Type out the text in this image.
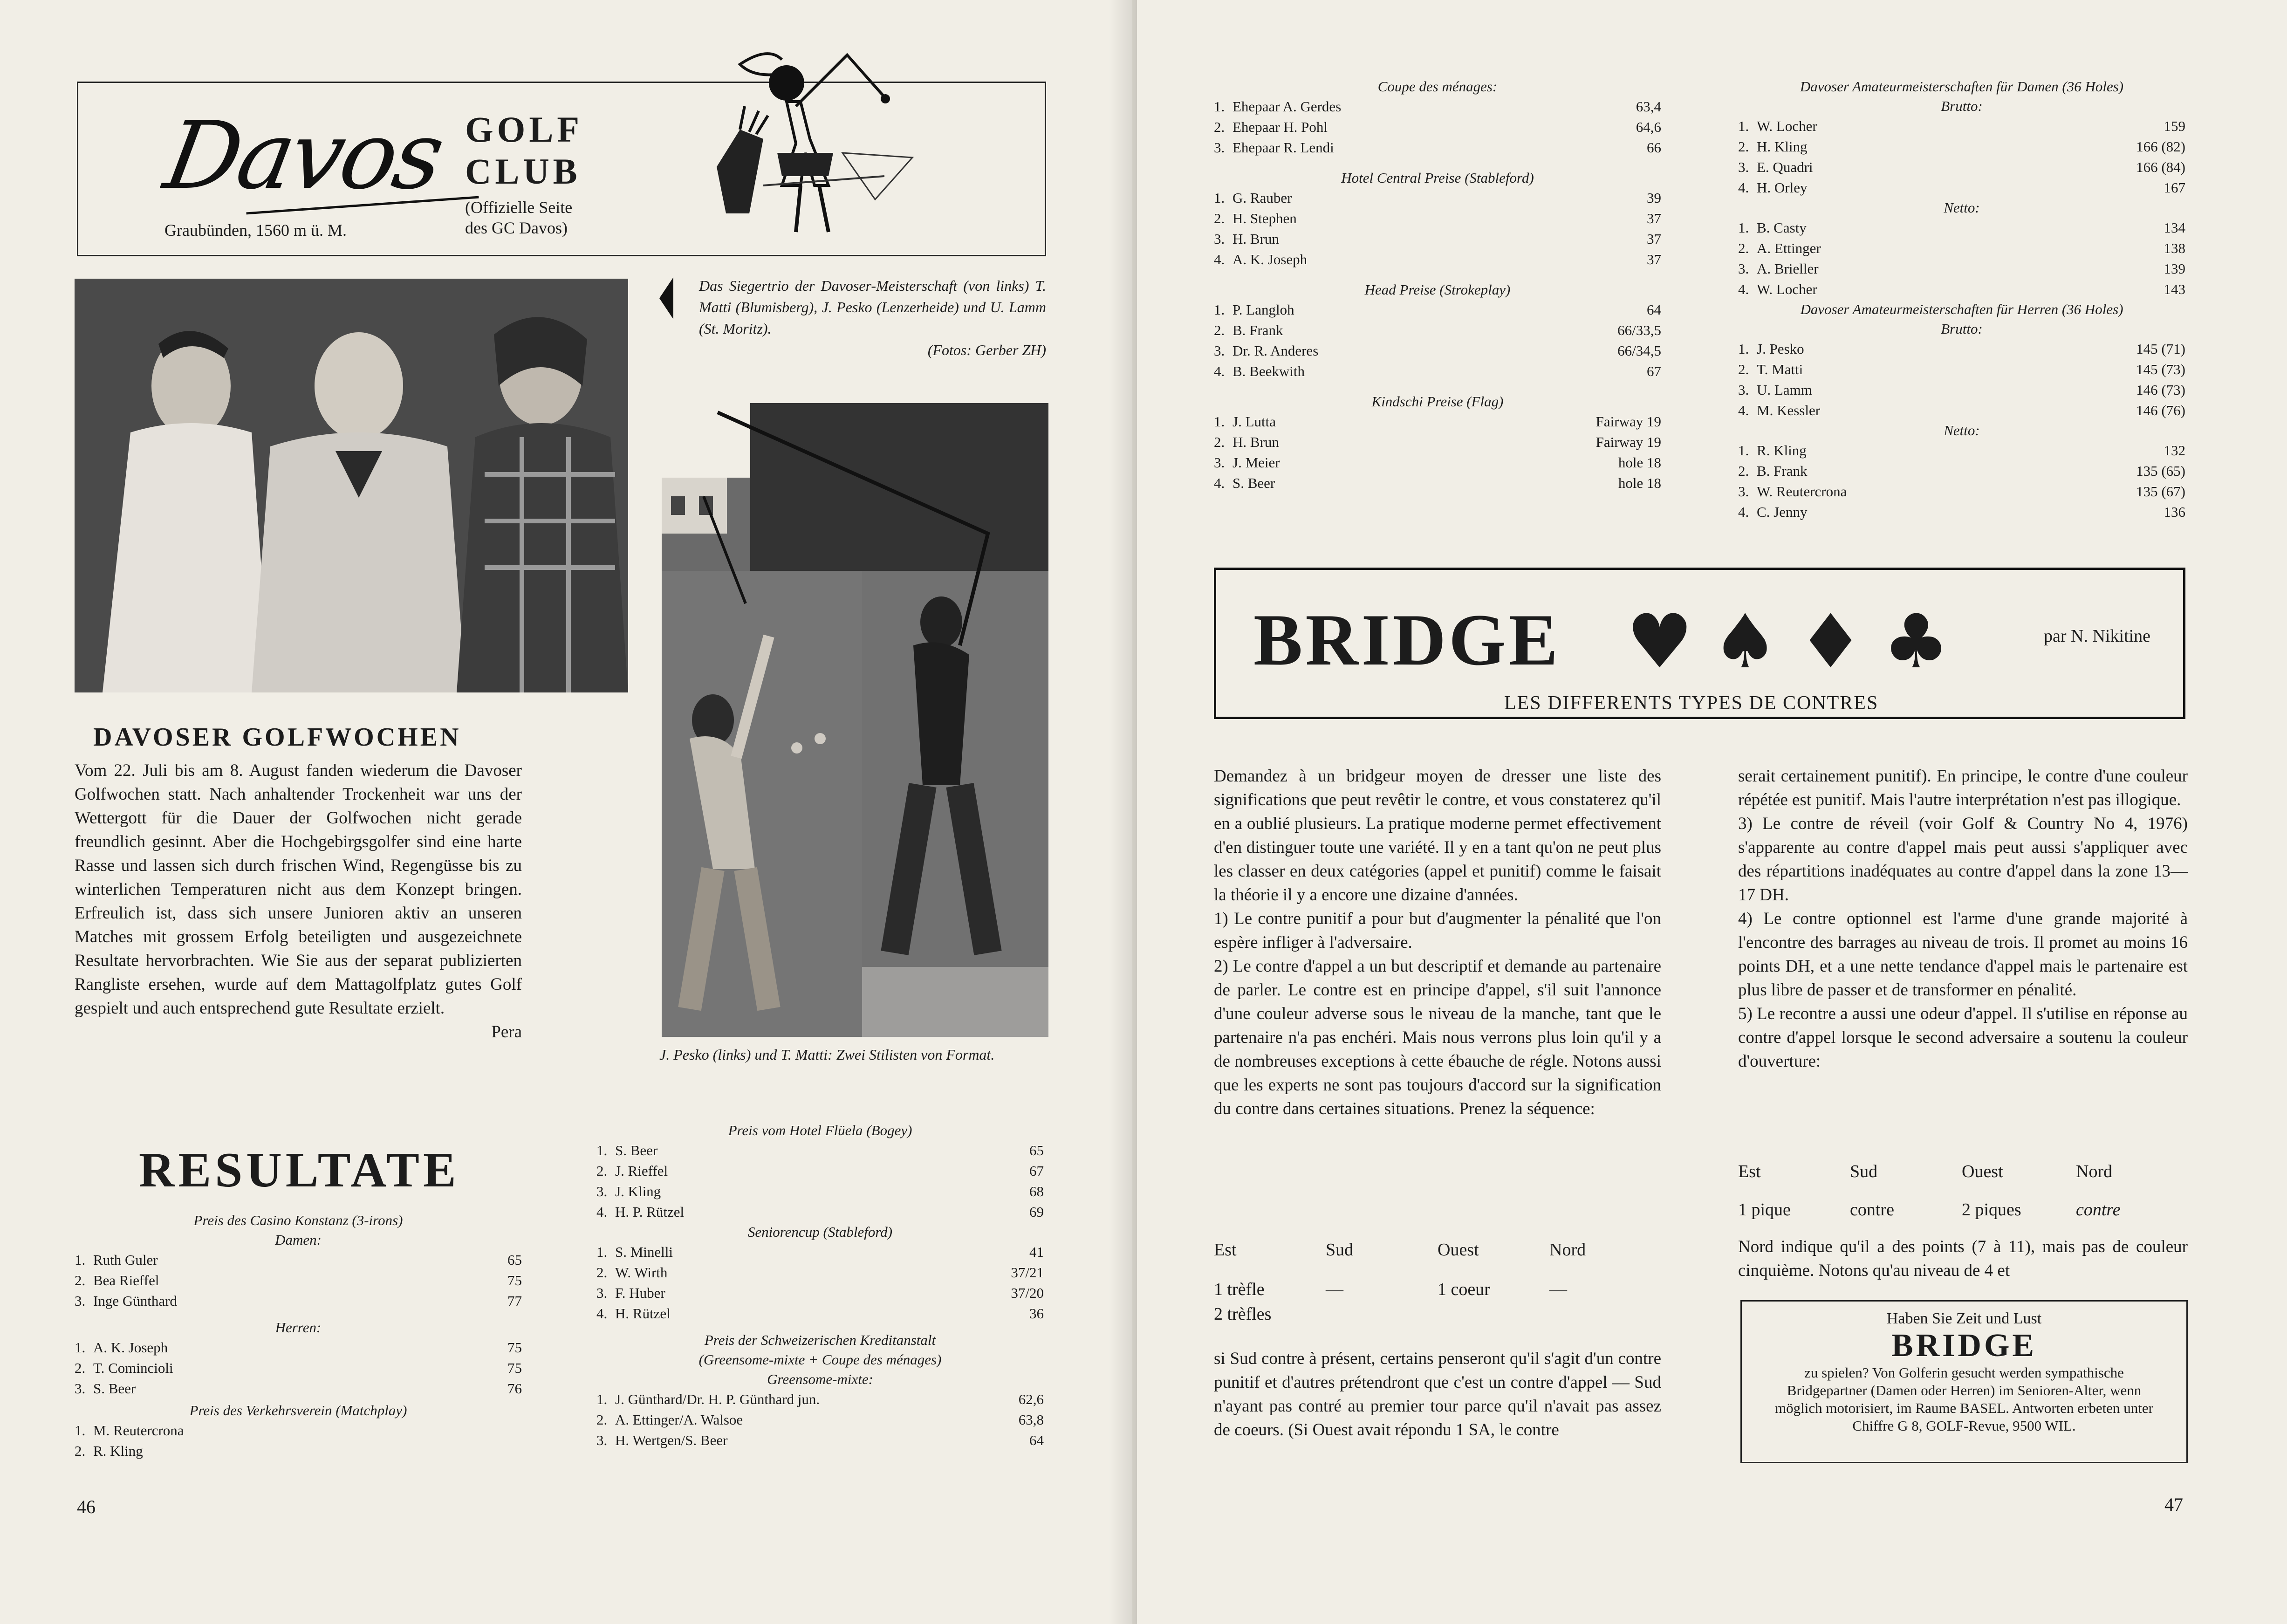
Davos GOLF
CLUB
(Offizielle Seite
des GC Davos)
Graubünden, 1560 m ü. M.
Das Siegertrio der Davoser-Meisterschaft (von links) T. Matti (Blumisberg), J. Pesko (Lenzerheide) und U. Lamm (St. Moritz).
(Fotos: Gerber ZH)
J. Pesko (links) und T. Matti: Zwei Stilisten von Format.
DAVOSER GOLFWOCHEN

Vom 22. Juli bis am 8. August fanden wiederum die Davoser Golfwochen statt. Nach anhaltender Trockenheit war uns der Wettergott für die Dauer der Golfwochen nicht gerade freundlich gesinnt. Aber die Hochgebirgsgolfer sind eine harte Rasse und lassen sich durch frischen Wind, Regengüsse bis zu winterlichen Temperaturen nicht aus dem Konzept bringen. Erfreulich ist, dass sich unsere Junioren aktiv an unseren Matches mit grossem Erfolg beteiligten und ausgezeichnete Resultate hervorbrachten. Wie Sie aus der separat publizierten Rangliste ersehen, wurde auf dem Mattagolfplatz gutes Golf gespielt und auch entsprechend gute Resultate erzielt.

Pera

RESULTATE
Preis des Casino Konstanz (3-irons)
Damen:
1. Ruth Guler	65
2. Bea Rieffel	75
3. Inge Günthard	77
Herren:
1. A. K. Joseph	75
2. T. Comincioli	75
3. S. Beer	76
Preis des Verkehrsverein (Matchplay)
1. M. Reutercrona
2. R. Kling
Preis vom Hotel Flüela (Bogey)
1. S. Beer	65
2. J. Rieffel	67
3. J. Kling	68
4. H. P. Rützel	69
Seniorencup (Stableford)
1. S. Minelli	41
2. W. Wirth	37/21
3. F. Huber	37/20
4. H. Rützel	36
Preis der Schweizerischen Kreditanstalt
(Greensome-mixte + Coupe des ménages)
Greensome-mixte:
1. J. Günthard/Dr. H. P. Günthard jun.	62,6
2. A. Ettinger/A. Walsoe	63,8
3. H. Wertgen/S. Beer	64
46
Coupe des ménages:
1. Ehepaar A. Gerdes	63,4
2. Ehepaar H. Pohl	64,6
3. Ehepaar R. Lendi	66
Hotel Central Preise (Stableford)
1. G. Rauber	39
2. H. Stephen	37
3. H. Brun	37
4. A. K. Joseph	37
Head Preise (Strokeplay)
1. P. Langloh	64
2. B. Frank	66/33,5
3. Dr. R. Anderes	66/34,5
4. B. Beekwith	67
Kindschi Preise (Flag)
1. J. Lutta	Fairway 19
2. H. Brun	Fairway 19
3. J. Meier	hole 18
4. S. Beer	hole 18
Davoser Amateurmeisterschaften für Damen (36 Holes)
Brutto:
1. W. Locher	159
2. H. Kling	166 (82)
3. E. Quadri	166 (84)
4. H. Orley	167
Netto:
1. B. Casty	134
2. A. Ettinger	138
3. A. Brieller	139
4. W. Locher	143
Davoser Amateurmeisterschaften für Herren (36 Holes)
Brutto:
1. J. Pesko	145 (71)
2. T. Matti	145 (73)
3. U. Lamm	146 (73)
4. M. Kessler	146 (76)
Netto:
1. R. Kling	132
2. B. Frank	135 (65)
3. W. Reutercrona	135 (67)
4. C. Jenny	136
BRIDGE ♥♠♦♣	par N. Nikitine
LES DIFFERENTS TYPES DE CONTRES

Demandez à un bridgeur moyen de dresser une liste des significations que peut revêtir le contre, et vous constaterez qu'il en a oublié plusieurs. La pratique moderne permet effectivement d'en distinguer toute une variété. Il y en a tant qu'on ne peut plus les classer en deux catégories (appel et punitif) comme le faisait la théorie il y a encore une dizaine d'années.

1) Le contre punitif a pour but d'augmenter la pénalité que l'on espère infliger à l'adversaire.

2) Le contre d'appel a un but descriptif et demande au partenaire de parler. Le contre est en principe d'appel, s'il suit l'annonce d'une couleur adverse sous le niveau de la manche, tant que le partenaire n'a pas enchéri. Mais nous verrons plus loin qu'il y a de nombreuses exceptions à cette ébauche de régle. Notons aussi que les experts ne sont pas toujours d'accord sur la signification du contre dans certaines situations. Prenez la séquence:

Est	Sud	Ouest	Nord
1 trèfle	—	1 coeur	—
2 trèfles

si Sud contre à présent, certains penseront qu'il s'agit d'un contre punitif et d'autres prétendront que c'est un contre d'appel — Sud n'ayant pas contré au premier tour parce qu'il n'avait pas assez de coeurs. (Si Ouest avait répondu 1 SA, le contre

serait certainement punitif). En principe, le contre d'une couleur répétée est punitif. Mais l'autre interprétation n'est pas illogique.

3) Le contre de réveil (voir Golf & Country No 4, 1976) s'apparente au contre d'appel mais peut aussi s'appliquer avec des répartitions inadéquates au contre d'appel dans la zone 13—17 DH.

4) Le contre optionnel est l'arme d'une grande majorité à l'encontre des barrages au niveau de trois. Il promet au moins 16 points DH, et a une nette tendance d'appel mais le partenaire est plus libre de passer et de transformer en pénalité.

5) Le recontre a aussi une odeur d'appel. Il s'utilise en réponse au contre d'appel lorsque le second adversaire a soutenu la couleur d'ouverture:

Est	Sud	Ouest	Nord
1 pique	contre	2 piques	contre

Nord indique qu'il a des points (7 à 11), mais pas de couleur cinquième. Notons qu'au niveau de 4 et

Haben Sie Zeit und Lust
BRIDGE
zu spielen? Von Golferin gesucht werden sympathische Bridgepartner (Damen oder Herren) im Senioren-Alter, wenn möglich motorisiert, im Raume BASEL. Antworten erbeten unter Chiffre G 8, GOLF-Revue, 9500 WIL.
47
